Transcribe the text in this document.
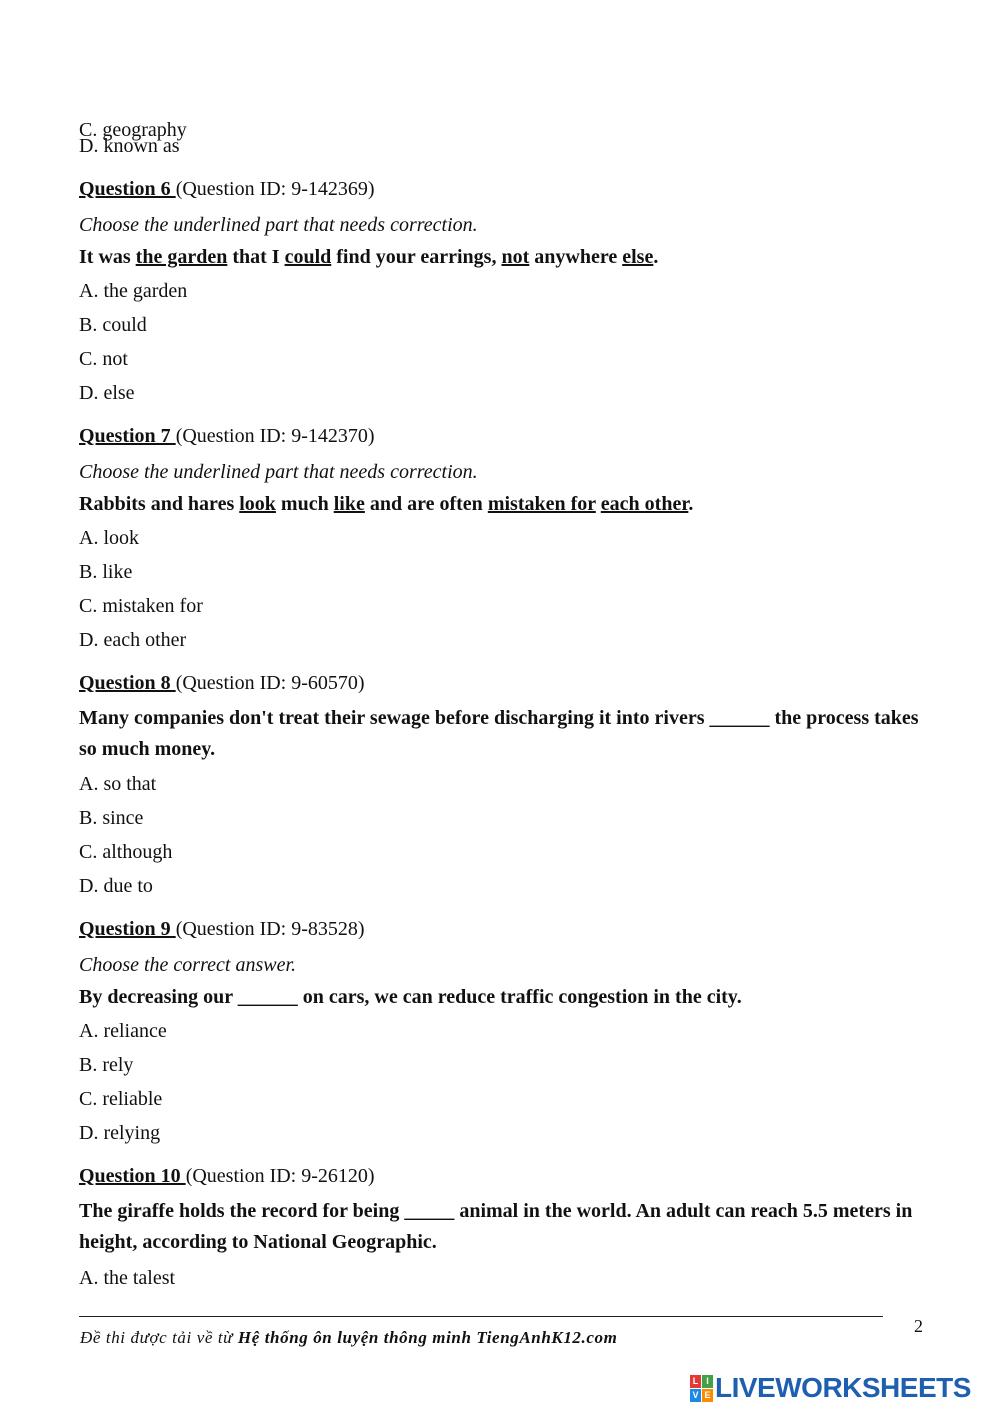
C. geography
D. known as
Question 6 (Question ID: 9-142369)
Choose the underlined part that needs correction.
It was the garden that I could find your earrings, not anywhere else.
A. the garden
B. could
C. not
D. else
Question 7 (Question ID: 9-142370)
Choose the underlined part that needs correction.
Rabbits and hares look much like and are often mistaken for each other.
A. look
B. like
C. mistaken for
D. each other
Question 8 (Question ID: 9-60570)
Many companies don't treat their sewage before discharging it into rivers ______ the process takes so much money.
A. so that
B. since
C. although
D. due to
Question 9 (Question ID: 9-83528)
Choose the correct answer.
By decreasing our ______ on cars, we can reduce traffic congestion in the city.
A. reliance
B. rely
C. reliable
D. relying
Question 10 (Question ID: 9-26120)
The giraffe holds the record for being _____ animal in the world. An adult can reach 5.5 meters in height, according to National Geographic.
A. the talest
Đề thi được tải về từ Hệ thống ôn luyện thông minh TiengAnhK12.com
2
L I
V E LIVEWORKSHEETS
